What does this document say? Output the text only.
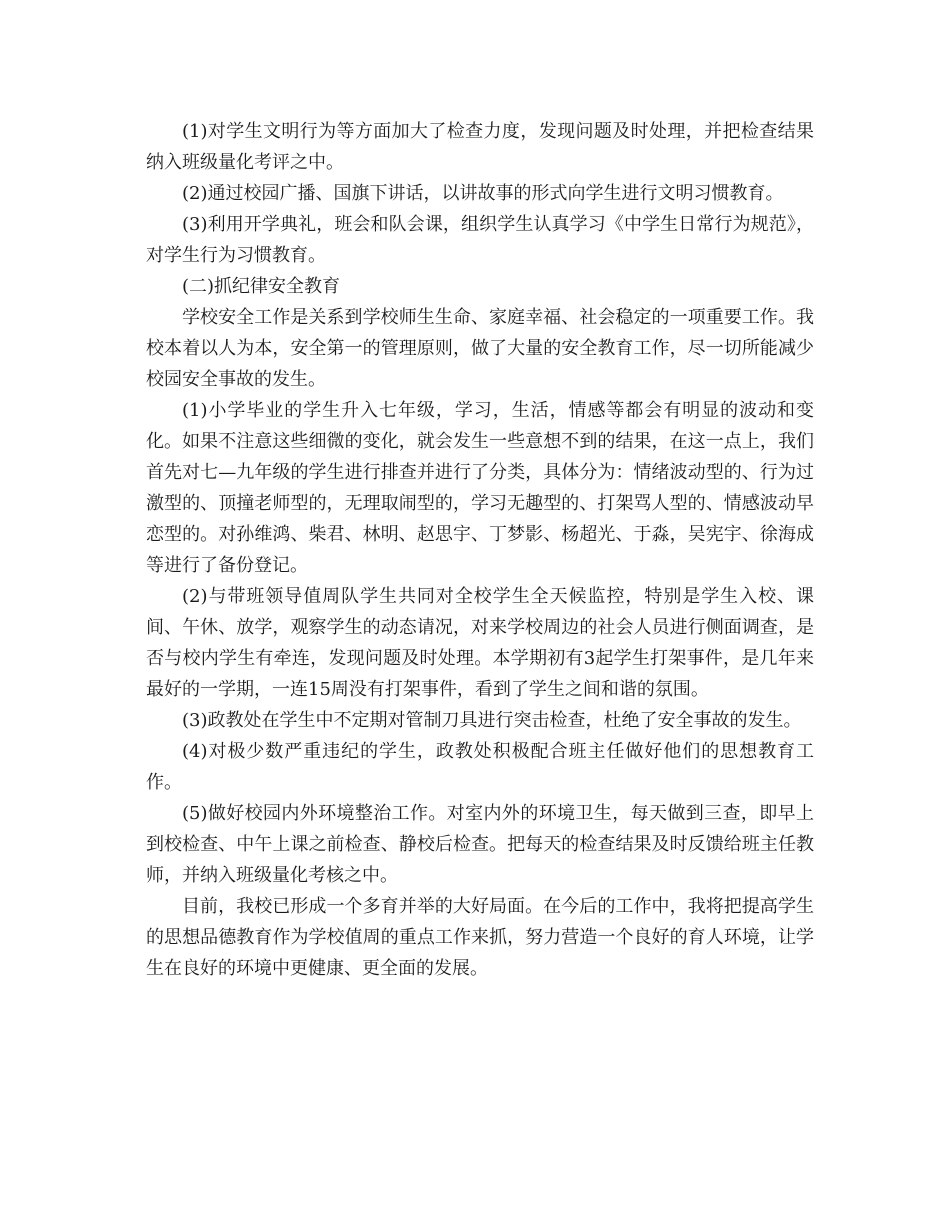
(1)对学生文明行为等方面加大了检查力度，发现问题及时处理，并把检查结果纳入班级量化考评之中。

(2)通过校园广播、国旗下讲话，以讲故事的形式向学生进行文明习惯教育。

(3)利用开学典礼，班会和队会课，组织学生认真学习《中学生日常行为规范》，对学生行为习惯教育。

(二)抓纪律安全教育

学校安全工作是关系到学校师生生命、家庭幸福、社会稳定的一项重要工作。我校本着以人为本，安全第一的管理原则，做了大量的安全教育工作，尽一切所能减少校园安全事故的发生。

(1)小学毕业的学生升入七年级，学习，生活，情感等都会有明显的波动和变化。如果不注意这些细微的变化，就会发生一些意想不到的结果，在这一点上，我们首先对七—九年级的学生进行排查并进行了分类，具体分为：情绪波动型的、行为过激型的、顶撞老师型的，无理取闹型的，学习无趣型的、打架骂人型的、情感波动早恋型的。对孙维鸿、柴君、林明、赵思宇、丁梦影、杨超光、于淼，吴宪宇、徐海成等进行了备份登记。

(2)与带班领导值周队学生共同对全校学生全天候监控，特别是学生入校、课间、午休、放学，观察学生的动态请况，对来学校周边的社会人员进行侧面调查，是否与校内学生有牵连，发现问题及时处理。本学期初有3起学生打架事件，是几年来最好的一学期，一连15周没有打架事件，看到了学生之间和谐的氛围。

(3)政教处在学生中不定期对管制刀具进行突击检查，杜绝了安全事故的发生。

(4)对极少数严重违纪的学生，政教处积极配合班主任做好他们的思想教育工作。

(5)做好校园内外环境整治工作。对室内外的环境卫生，每天做到三查，即早上到校检查、中午上课之前检查、静校后检查。把每天的检查结果及时反馈给班主任教师，并纳入班级量化考核之中。

目前，我校已形成一个多育并举的大好局面。在今后的工作中，我将把提高学生的思想品德教育作为学校值周的重点工作来抓，努力营造一个良好的育人环境，让学生在良好的环境中更健康、更全面的发展。
